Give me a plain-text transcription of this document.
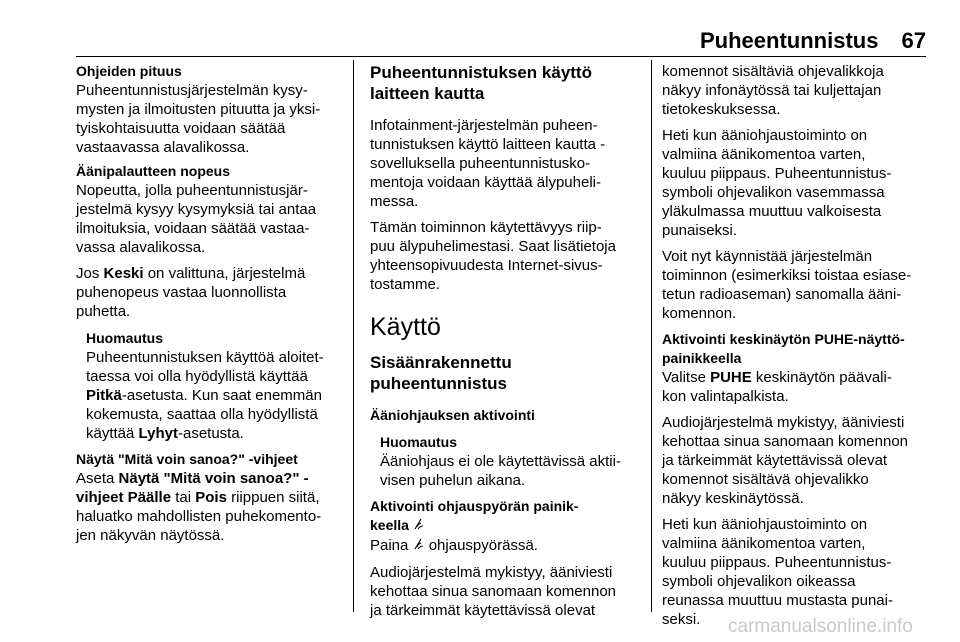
Puheentunnistus	67

Ohjeiden pituus

Puheentunnistusjärjestelmän kysy-

mysten ja ilmoitusten pituutta ja yksi-

tyiskohtaisuutta voidaan säätää

vastaavassa alavalikossa.

Äänipalautteen nopeus

Nopeutta, jolla puheentunnistusjär-

jestelmä kysyy kysymyksiä tai antaa

ilmoituksia, voidaan säätää vastaa-

vassa alavalikossa.

Jos Keski on valittuna, järjestelmä

puhenopeus vastaa luonnollista

puhetta.

Huomautus

Puheentunnistuksen käyttöä aloitet-

taessa voi olla hyödyllistä käyttää

Pitkä-asetusta. Kun saat enemmän

kokemusta, saattaa olla hyödyllistä

käyttää Lyhyt-asetusta.

Näytä "Mitä voin sanoa?" -vihjeet

Aseta Näytä "Mitä voin sanoa?" -

vihjeet Päälle tai Pois riippuen siitä,

haluatko mahdollisten puhekomento-

jen näkyvän näytössä.

Puheentunnistuksen käyttö

laitteen kautta

Infotainment-järjestelmän puheen-

tunnistuksen käyttö laitteen kautta -

sovelluksella puheentunnistusko-

mentoja voidaan käyttää älypuheli-

messa.

Tämän toiminnon käytettävyys riip-

puu älypuhelimestasi. Saat lisätietoja

yhteensopivuudesta Internet-sivus-

tostamme.

Käyttö

Sisäänrakennettu

puheentunnistus

Ääniohjauksen aktivointi

Huomautus

Ääniohjaus ei ole käytettävissä aktii-

visen puhelun aikana.

Aktivointi ohjauspyörän painik-

keella

Paina  ohjauspyörässä.

Audiojärjestelmä mykistyy, ääniviesti

kehottaa sinua sanomaan komennon

ja tärkeimmät käytettävissä olevat

komennot sisältäviä ohjevalikkoja

näkyy infonäytössä tai kuljettajan

tietokeskuksessa.

Heti kun ääniohjaustoiminto on

valmiina äänikomentoa varten,

kuuluu piippaus. Puheentunnistus-

symboli ohjevalikon vasemmassa

yläkulmassa muuttuu valkoisesta

punaiseksi.

Voit nyt käynnistää järjestelmän

toiminnon (esimerkiksi toistaa esiase-

tetun radioaseman) sanomalla ääni-

komennon.

Aktivointi keskinäytön PUHE-näyttö-

painikkeella

Valitse PUHE keskinäytön päävali-

kon valintapalkista.

Audiojärjestelmä mykistyy, ääniviesti

kehottaa sinua sanomaan komennon

ja tärkeimmät käytettävissä olevat

komennot sisältävä ohjevalikko

näkyy keskinäytössä.

Heti kun ääniohjaustoiminto on

valmiina äänikomentoa varten,

kuuluu piippaus. Puheentunnistus-

symboli ohjevalikon oikeassa

reunassa muuttuu mustasta punai-

seksi.	carmanualsonline.info
